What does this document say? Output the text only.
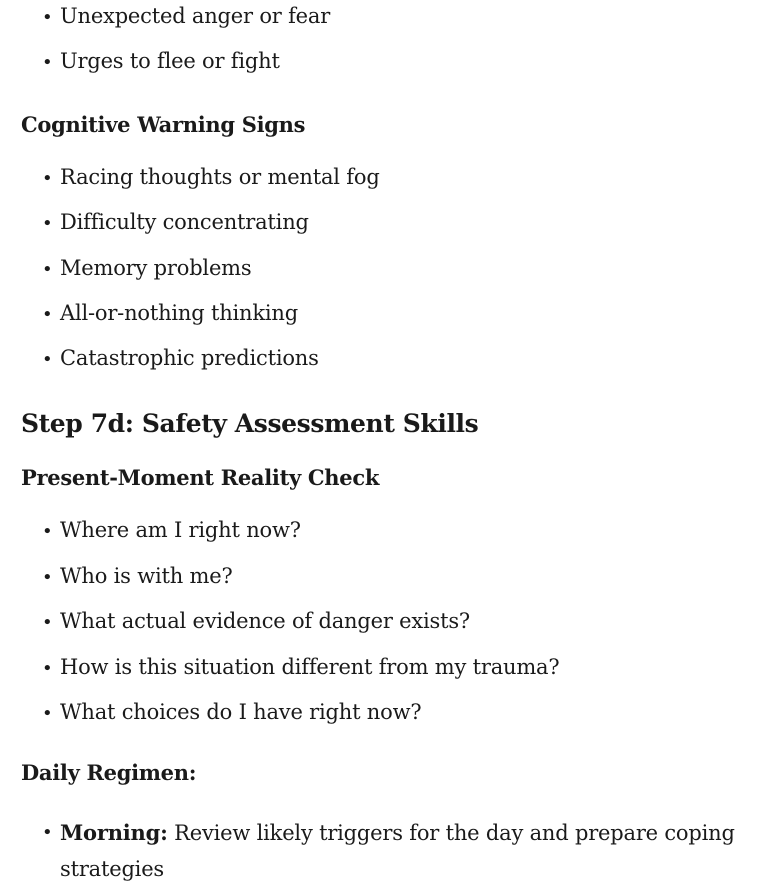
• Unexpected anger or fear
• Urges to flee or fight
Cognitive Warning Signs
• Racing thoughts or mental fog
• Difficulty concentrating
• Memory problems
• All-or-nothing thinking
• Catastrophic predictions
Step 7d: Safety Assessment Skills
Present-Moment Reality Check
• Where am I right now?
• Who is with me?
• What actual evidence of danger exists?
• How is this situation different from my trauma?
• What choices do I have right now?
Daily Regimen:
• Morning: Review likely triggers for the day and prepare coping strategies
